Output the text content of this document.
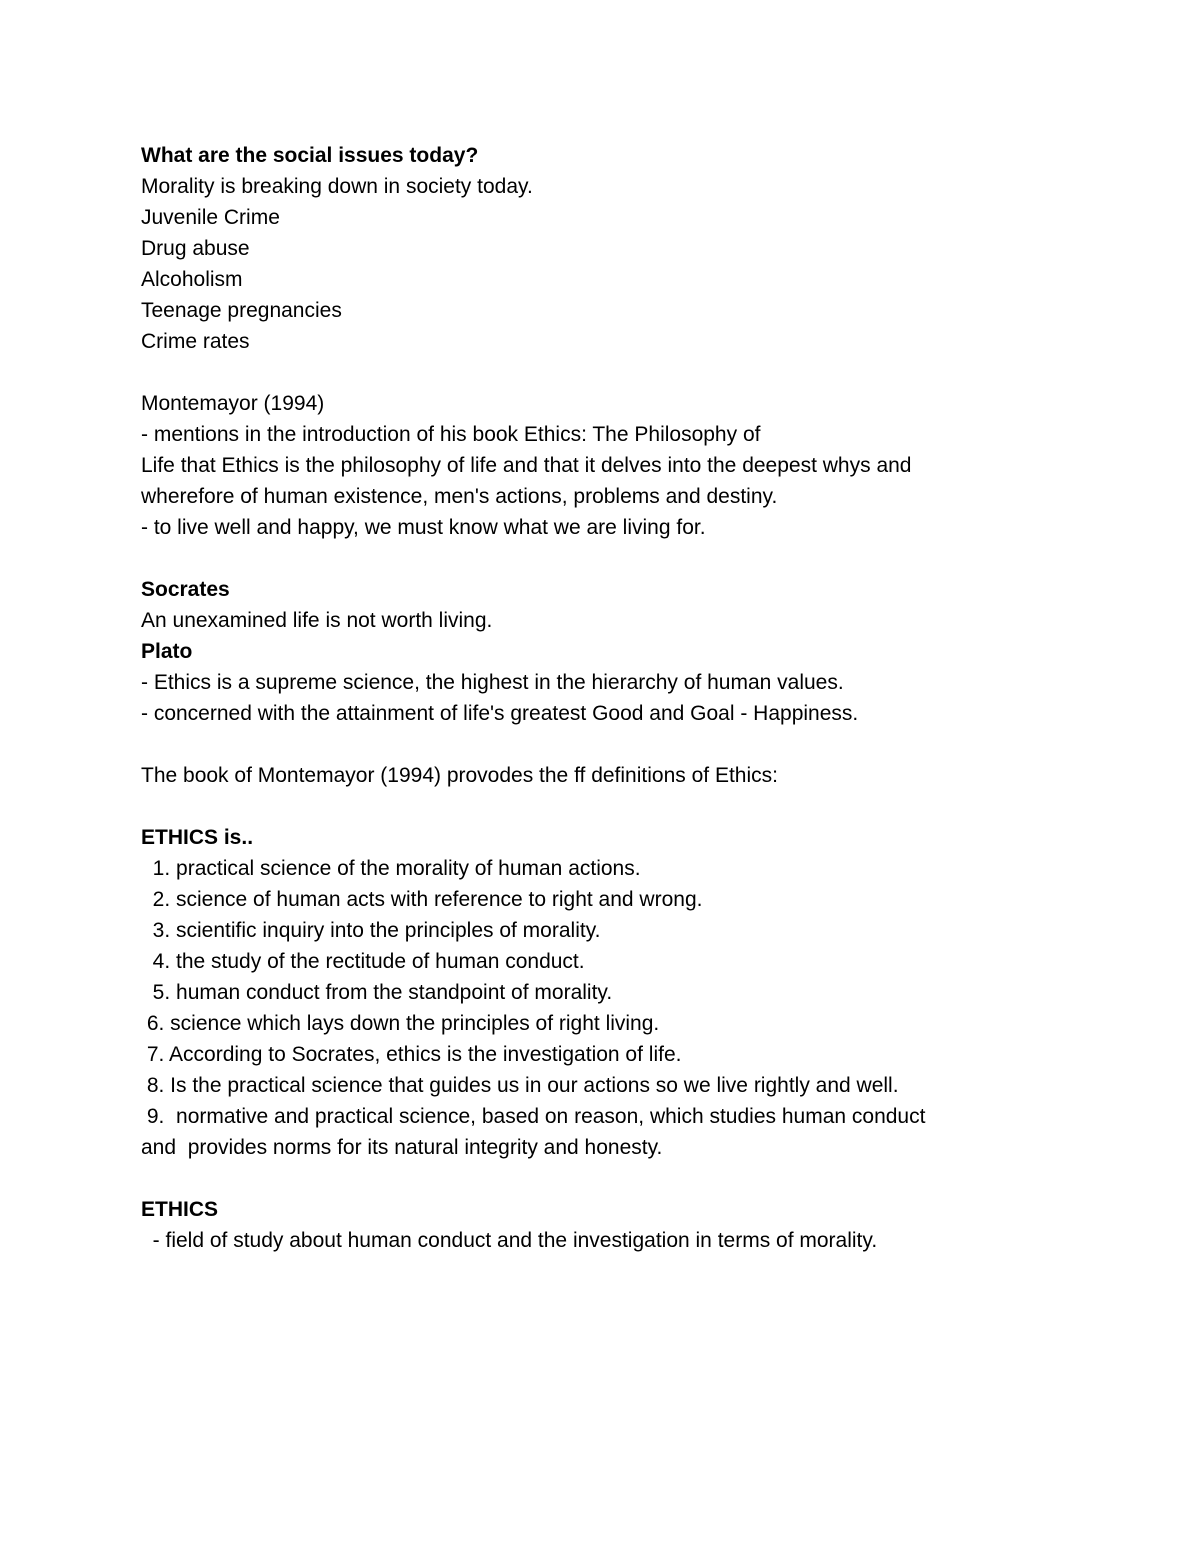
What are the social issues today?
Morality is breaking down in society today.
Juvenile Crime
Drug abuse
Alcoholism
Teenage pregnancies
Crime rates
Montemayor (1994)
- mentions in the introduction of his book Ethics: The Philosophy of
Life that Ethics is the philosophy of life and that it delves into the deepest whys and
wherefore of human existence, men's actions, problems and destiny.
- to live well and happy, we must know what we are living for.
Socrates
An unexamined life is not worth living.
Plato
- Ethics is a supreme science, the highest in the hierarchy of human values.
- concerned with the attainment of life's greatest Good and Goal - Happiness.
The book of Montemayor (1994) provodes the ff definitions of Ethics:
ETHICS is..
1. practical science of the morality of human actions.
2. science of human acts with reference to right and wrong.
3. scientific inquiry into the principles of morality.
4. the study of the rectitude of human conduct.
5. human conduct from the standpoint of morality.
6. science which lays down the principles of right living.
7. According to Socrates, ethics is the investigation of life.
8. Is the practical science that guides us in our actions so we live rightly and well.
9.  normative and practical science, based on reason, which studies human conduct
and  provides norms for its natural integrity and honesty.
ETHICS
- field of study about human conduct and the investigation in terms of morality.
